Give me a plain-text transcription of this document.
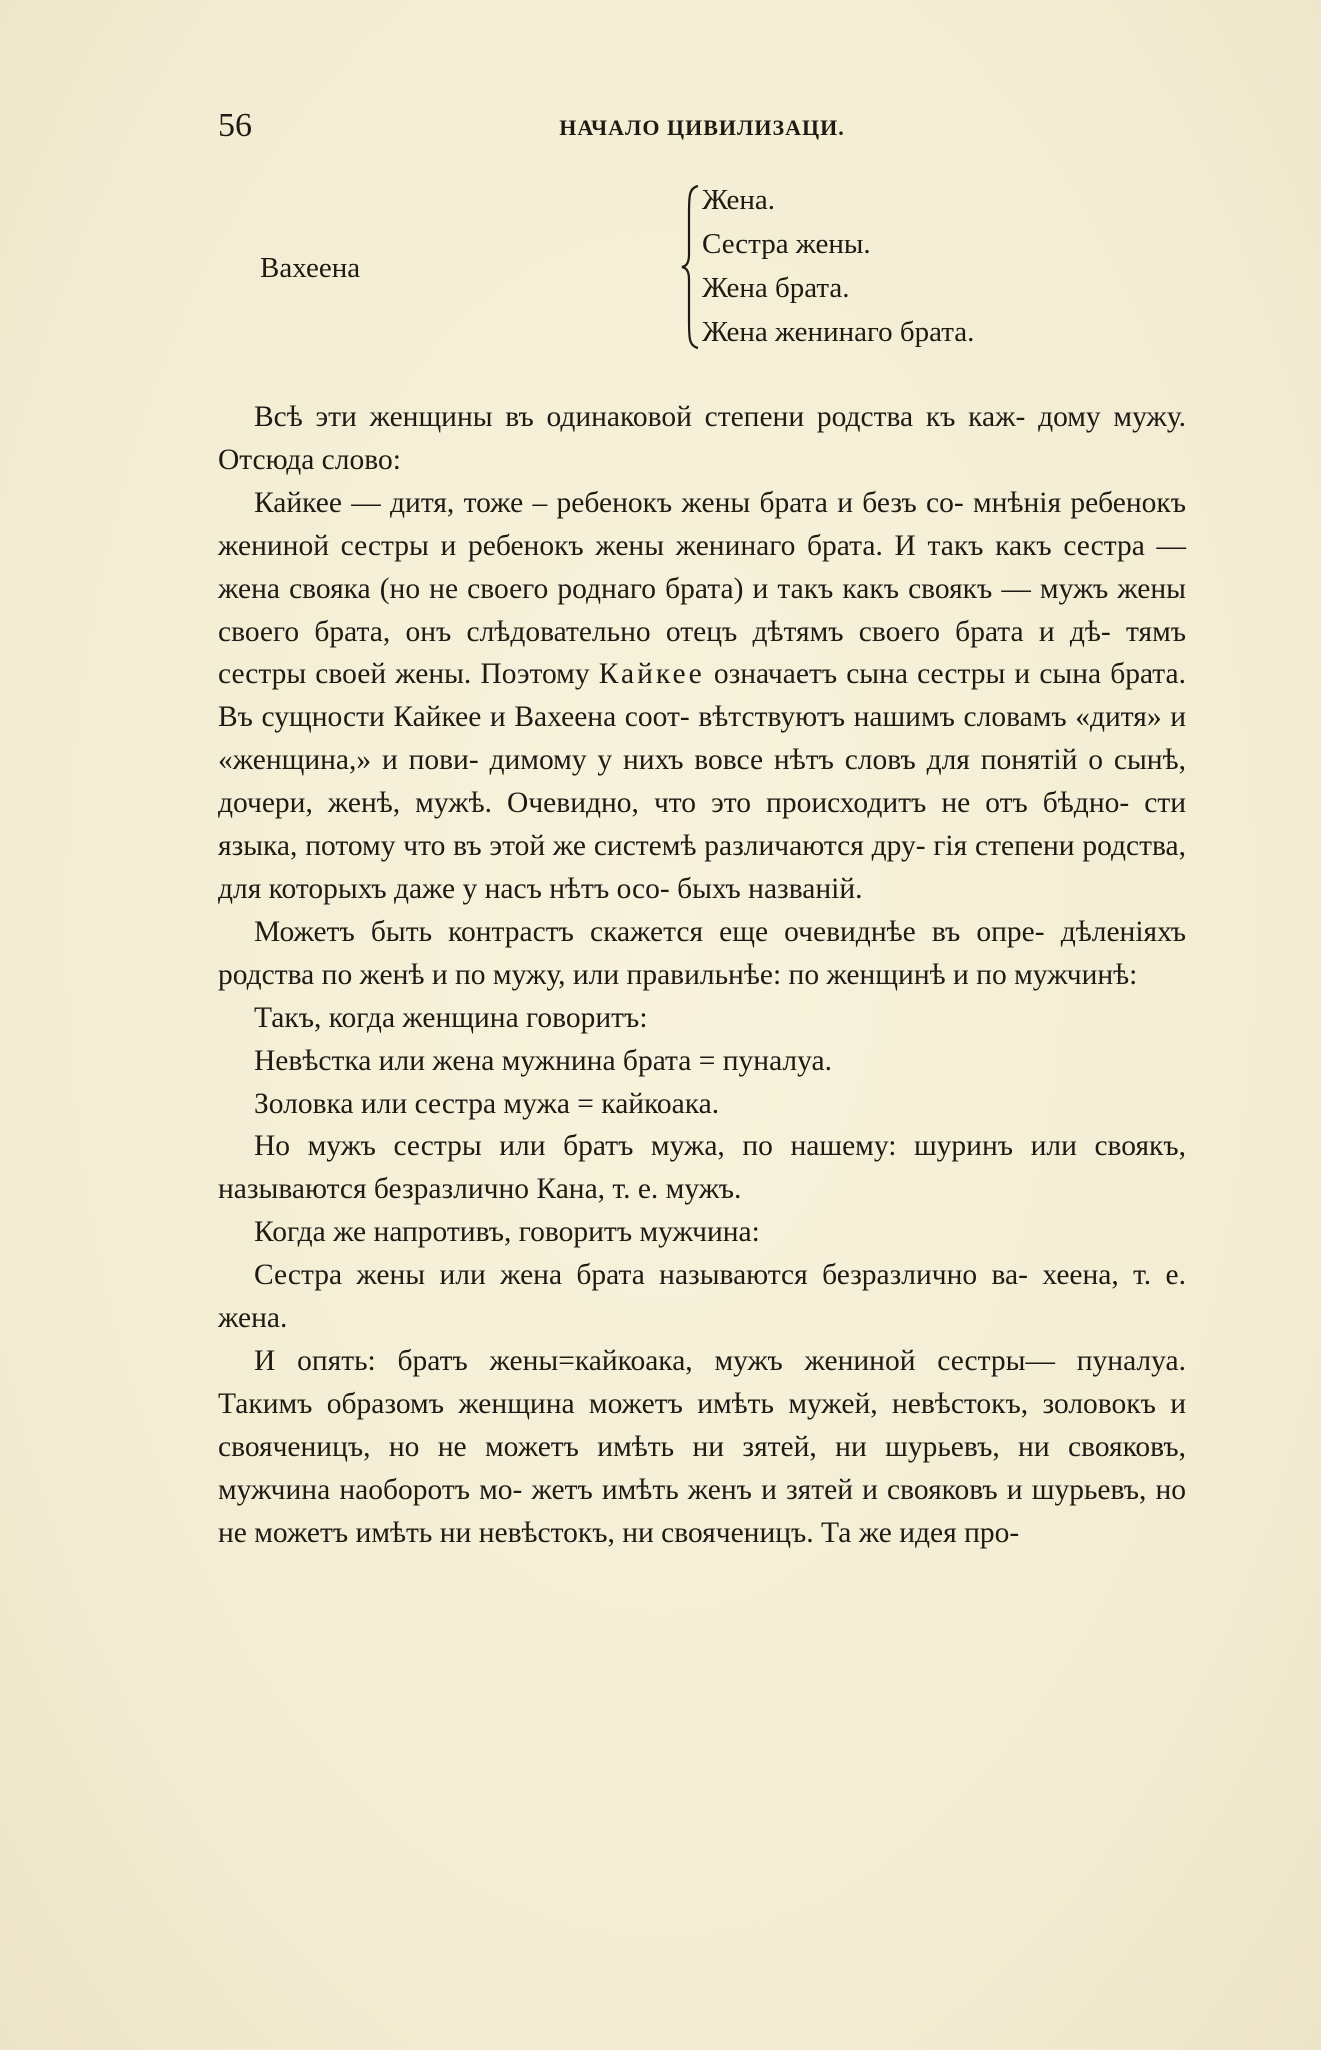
56	НАЧАЛО ЦИВИЛИЗАЦИ.
Вахеена
Жена.
Сестра жены.
Жена брата.
Жена женинаго брата.

Всѣ эти женщины въ одинаковой степени родства къ каж- дому мужу. Отсюда слово:

Кайкее — дитя, тоже – ребенокъ жены брата и безъ со- мнѣнія ребенокъ жениной сестры и ребенокъ жены женинаго брата. И такъ какъ сестра — жена свояка (но не своего роднаго брата) и такъ какъ своякъ — мужъ жены своего брата, онъ слѣдовательно отецъ дѣтямъ своего брата и дѣ- тямъ сестры своей жены. Поэтому Кайкее означаетъ сына сестры и сына брата. Въ сущности Кайкее и Вахеена соот- вѣтствуютъ нашимъ словамъ «дитя» и «женщина,» и пови- димому у нихъ вовсе нѣтъ словъ для понятій о сынѣ, дочери, женѣ, мужѣ. Очевидно, что это происходитъ не отъ бѣдно- сти языка, потому что въ этой же системѣ различаются дру- гія степени родства, для которыхъ даже у насъ нѣтъ осо- быхъ названій.

Можетъ быть контрастъ скажется еще очевиднѣе въ опре- дѣленіяхъ родства по женѣ и по мужу, или правильнѣе: по женщинѣ и по мужчинѣ:

Такъ, когда женщина говоритъ:

Невѣстка или жена мужнина брата = пуналуа.

Золовка или сестра мужа = кайкоака.

Но мужъ сестры или братъ мужа, по нашему: шуринъ или своякъ, называются безразлично Кана, т. е. мужъ.

Когда же напротивъ, говоритъ мужчина:

Сестра жены или жена брата называются безразлично ва- хеена, т. е. жена.

И опять: братъ жены=кайкоака, мужъ жениной сестры— пуналуа. Такимъ образомъ женщина можетъ имѣть мужей, невѣстокъ, золовокъ и свояченицъ, но не можетъ имѣть ни зятей, ни шурьевъ, ни свояковъ, мужчина наоборотъ мо- жетъ имѣть женъ и зятей и свояковъ и шурьевъ, но не можетъ имѣть ни невѣстокъ, ни свояченицъ. Та же идея про-
